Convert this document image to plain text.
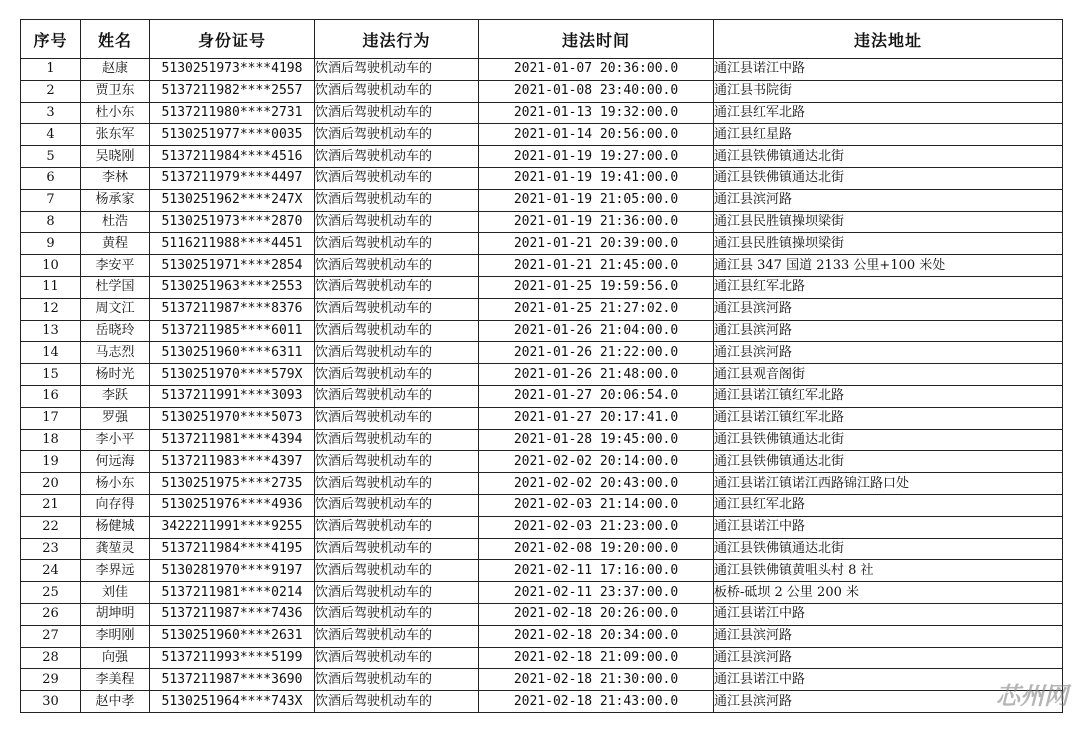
序号	姓名	身份证号	违法行为	违法时间	违法地址
1	赵康	5130251973****4198	饮酒后驾驶机动车的	2021-01-07 20:36:00.0	通江县诺江中路
2	贾卫东	5137211982****2557	饮酒后驾驶机动车的	2021-01-08 23:40:00.0	通江县书院街
3	杜小东	5137211980****2731	饮酒后驾驶机动车的	2021-01-13 19:32:00.0	通江县红军北路
4	张东军	5130251977****0035	饮酒后驾驶机动车的	2021-01-14 20:56:00.0	通江县红星路
5	吴晓刚	5137211984****4516	饮酒后驾驶机动车的	2021-01-19 19:27:00.0	通江县铁佛镇通达北街
6	李林	5137211979****4497	饮酒后驾驶机动车的	2021-01-19 19:41:00.0	通江县铁佛镇通达北街
7	杨承家	5130251962****247X	饮酒后驾驶机动车的	2021-01-19 21:05:00.0	通江县滨河路
8	杜浩	5130251973****2870	饮酒后驾驶机动车的	2021-01-19 21:36:00.0	通江县民胜镇操坝梁街
9	黄程	5116211988****4451	饮酒后驾驶机动车的	2021-01-21 20:39:00.0	通江县民胜镇操坝梁街
10	李安平	5130251971****2854	饮酒后驾驶机动车的	2021-01-21 21:45:00.0	通江县 347 国道 2133 公里+100 米处
11	杜学国	5130251963****2553	饮酒后驾驶机动车的	2021-01-25 19:59:56.0	通江县红军北路
12	周文江	5137211987****8376	饮酒后驾驶机动车的	2021-01-25 21:27:02.0	通江县滨河路
13	岳晓玲	5137211985****6011	饮酒后驾驶机动车的	2021-01-26 21:04:00.0	通江县滨河路
14	马志烈	5130251960****6311	饮酒后驾驶机动车的	2021-01-26 21:22:00.0	通江县滨河路
15	杨时光	5130251970****579X	饮酒后驾驶机动车的	2021-01-26 21:48:00.0	通江县观音阁街
16	李跃	5137211991****3093	饮酒后驾驶机动车的	2021-01-27 20:06:54.0	通江县诺江镇红军北路
17	罗强	5130251970****5073	饮酒后驾驶机动车的	2021-01-27 20:17:41.0	通江县诺江镇红军北路
18	李小平	5137211981****4394	饮酒后驾驶机动车的	2021-01-28 19:45:00.0	通江县铁佛镇通达北街
19	何远海	5137211983****4397	饮酒后驾驶机动车的	2021-02-02 20:14:00.0	通江县铁佛镇通达北街
20	杨小东	5130251975****2735	饮酒后驾驶机动车的	2021-02-02 20:43:00.0	通江县诺江镇诺江西路锦江路口处
21	向存得	5130251976****4936	饮酒后驾驶机动车的	2021-02-03 21:14:00.0	通江县红军北路
22	杨健城	3422211991****9255	饮酒后驾驶机动车的	2021-02-03 21:23:00.0	通江县诺江中路
23	龚堃灵	5137211984****4195	饮酒后驾驶机动车的	2021-02-08 19:20:00.0	通江县铁佛镇通达北街
24	李界远	5130281970****9197	饮酒后驾驶机动车的	2021-02-11 17:16:00.0	通江县铁佛镇黄咀头村 8 社
25	刘佳	5137211981****0214	饮酒后驾驶机动车的	2021-02-11 23:37:00.0	板桥-砥坝 2 公里 200 米
26	胡坤明	5137211987****7436	饮酒后驾驶机动车的	2021-02-18 20:26:00.0	通江县诺江中路
27	李明刚	5130251960****2631	饮酒后驾驶机动车的	2021-02-18 20:34:00.0	通江县滨河路
28	向强	5137211993****5199	饮酒后驾驶机动车的	2021-02-18 21:09:00.0	通江县滨河路
29	李美程	5137211987****3690	饮酒后驾驶机动车的	2021-02-18 21:30:00.0	通江县诺江中路
30	赵中孝	5130251964****743X	饮酒后驾驶机动车的	2021-02-18 21:43:00.0	通江县滨河路	芯州网
